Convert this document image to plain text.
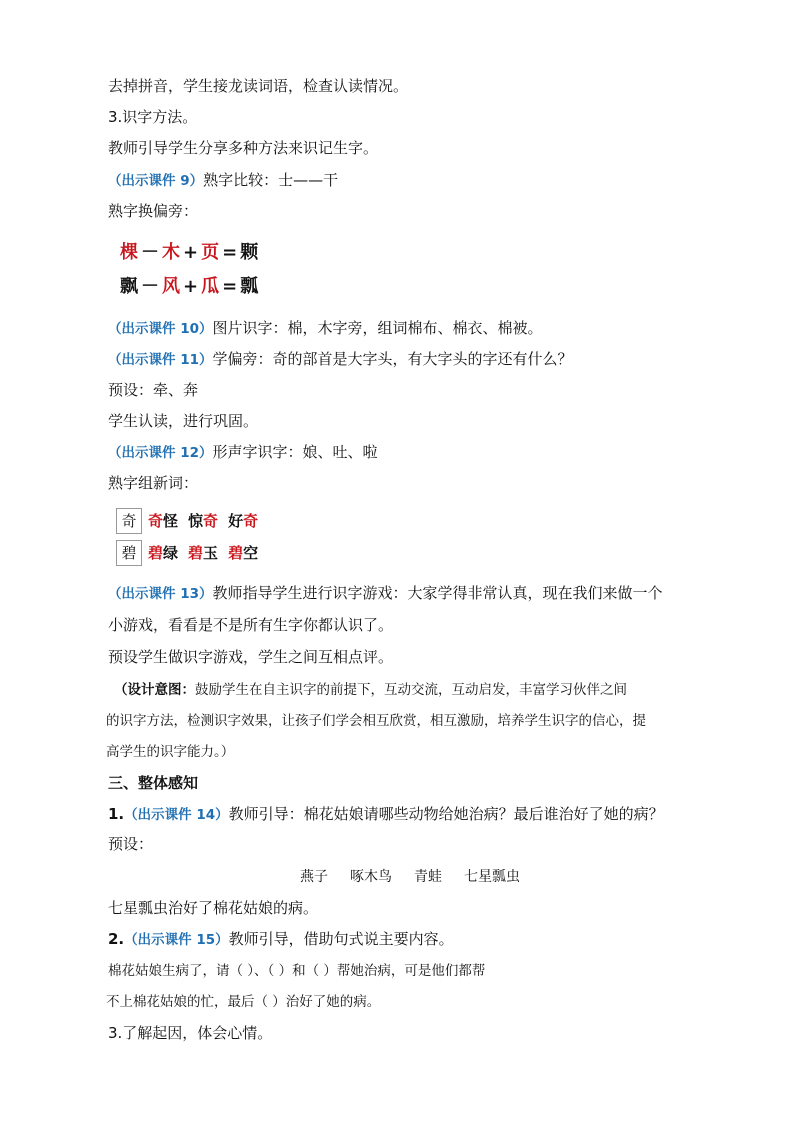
去掉拼音，学生接龙读词语，检查认读情况。
3.识字方法。
教师引导学生分享多种方法来识记生字。
（出示课件 9）熟字比较：士——干
熟字换偏旁：
棵 － 木 + 页 = 颗
飘 － 风 + 瓜 = 瓢
（出示课件 10）图片识字：棉，木字旁，组词棉布、棉衣、棉被。
（出示课件 11）学偏旁：奇的部首是大字头，有大字头的字还有什么？
预设：牵、奔
学生认读，进行巩固。
（出示课件 12）形声字识字：娘、吐、啦
熟字组新词：
奇 奇怪 惊奇 好奇
碧 碧绿 碧玉 碧空
（出示课件 13）教师指导学生进行识字游戏：大家学得非常认真，现在我们来做一个
小游戏，看看是不是所有生字你都认识了。
预设学生做识字游戏，学生之间互相点评。
（设计意图：鼓励学生在自主识字的前提下，互动交流，互动启发，丰富学习伙伴之间
的识字方法，检测识字效果，让孩子们学会相互欣赏，相互激励，培养学生识字的信心，提
高学生的识字能力。）
三、整体感知
1.（出示课件 14）教师引导：棉花姑娘请哪些动物给她治病？最后谁治好了她的病？
预设：
燕子 啄木鸟 青蛙 七星瓢虫
七星瓢虫治好了棉花姑娘的病。
2.（出示课件 15）教师引导，借助句式说主要内容。
棉花姑娘生病了，请（ ）、（ ）和（ ）帮她治病，可是他们都帮
不上棉花姑娘的忙，最后（ ）治好了她的病。
3.了解起因，体会心情。
